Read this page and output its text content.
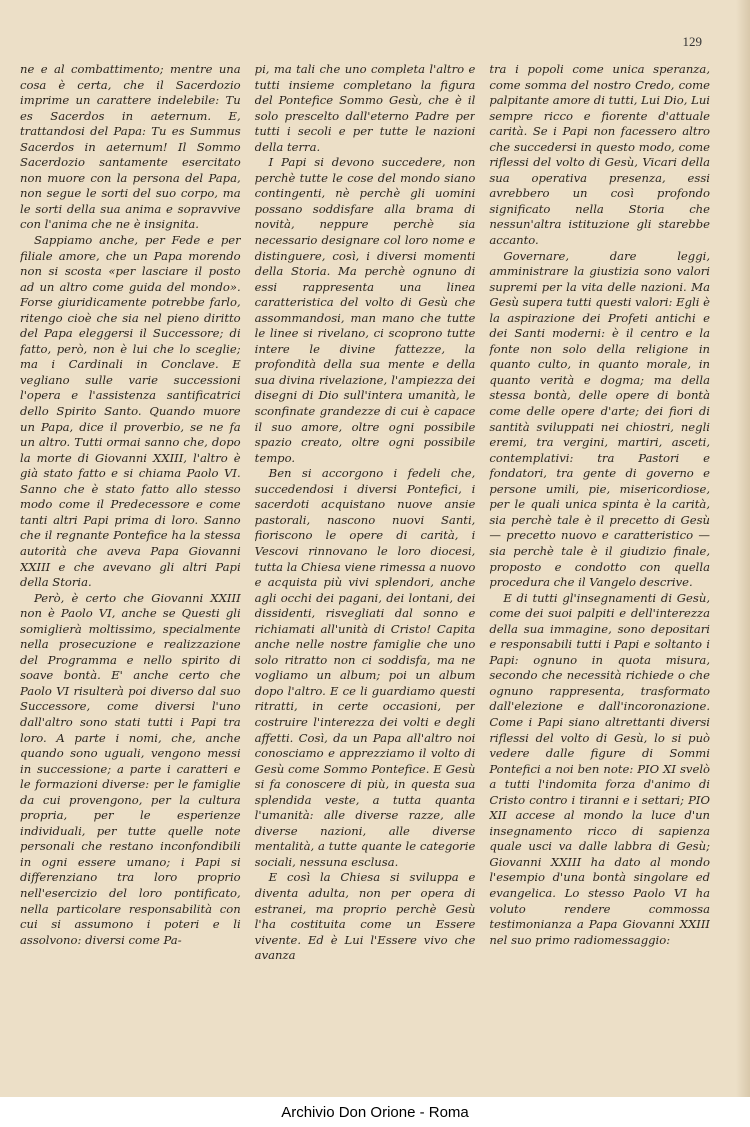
129

ne e al combattimento; mentre una cosa è certa, che il Sacerdozio imprime un carattere indelebile: Tu es Sacerdos in aeternum. E, trattandosi del Papa: Tu es Summus Sacerdos in aeternum! Il Sommo Sacerdozio santamente esercitato non muore con la persona del Papa, non segue le sorti del suo corpo, ma le sorti della sua anima e sopravvive con l'anima che ne è insignita.

Sappiamo anche, per Fede e per filiale amore, che un Papa morendo non si scosta «per lasciare il posto ad un altro come guida del mondo». Forse giuridicamente potrebbe farlo, ritengo cioè che sia nel pieno diritto del Papa eleggersi il Successore; di fatto, però, non è lui che lo sceglie; ma i Cardinali in Conclave. E vegliano sulle varie successioni l'opera e l'assistenza santificatrici dello Spirito Santo. Quando muore un Papa, dice il proverbio, se ne fa un altro. Tutti ormai sanno che, dopo la morte di Giovanni XXIII, l'altro è già stato fatto e si chiama Paolo VI. Sanno che è stato fatto allo stesso modo come il Predecessore e come tanti altri Papi prima di loro. Sanno che il regnante Pontefice ha la stessa autorità che aveva Papa Giovanni XXIII e che avevano gli altri Papi della Storia.

Però, è certo che Giovanni XXIII non è Paolo VI, anche se Questi gli somiglierà moltissimo, specialmente nella prosecuzione e realizzazione del Programma e nello spirito di soave bontà. E' anche certo che Paolo VI risulterà poi diverso dal suo Successore, come diversi l'uno dall'altro sono stati tutti i Papi tra loro. A parte i nomi, che, anche quando sono uguali, vengono messi in successione; a parte i caratteri e le formazioni diverse: per le famiglie da cui provengono, per la cultura propria, per le esperienze individuali, per tutte quelle note personali che restano inconfondibili in ogni essere umano; i Papi si differenziano tra loro proprio nell'esercizio del loro pontificato, nella particolare responsabilità con cui si assumono i poteri e li assolvono: diversi come Pa-

pi, ma tali che uno completa l'altro e tutti insieme completano la figura del Pontefice Sommo Gesù, che è il solo prescelto dall'eterno Padre per tutti i secoli e per tutte le nazioni della terra.

I Papi si devono succedere, non perchè tutte le cose del mondo siano contingenti, nè perchè gli uomini possano soddisfare alla brama di novità, neppure perchè sia necessario designare col loro nome e distinguere, così, i diversi momenti della Storia. Ma perchè ognuno di essi rappresenta una linea caratteristica del volto di Gesù che assommandosi, man mano che tutte le linee si rivelano, ci scoprono tutte intere le divine fattezze, la profondità della sua mente e della sua divina rivelazione, l'ampiezza dei disegni di Dio sull'intera umanità, le sconfinate grandezze di cui è capace il suo amore, oltre ogni possibile spazio creato, oltre ogni possibile tempo.

Ben si accorgono i fedeli che, succedendosi i diversi Pontefici, i sacerdoti acquistano nuove ansie pastorali, nascono nuovi Santi, fioriscono le opere di carità, i Vescovi rinnovano le loro diocesi, tutta la Chiesa viene rimessa a nuovo e acquista più vivi splendori, anche agli occhi dei pagani, dei lontani, dei dissidenti, risvegliati dal sonno e richiamati all'unità di Cristo! Capita anche nelle nostre famiglie che uno solo ritratto non ci soddisfa, ma ne vogliamo un album; poi un album dopo l'altro. E ce li guardiamo questi ritratti, in certe occasioni, per costruire l'interezza dei volti e degli affetti. Così, da un Papa all'altro noi conosciamo e apprezziamo il volto di Gesù come Sommo Pontefice. E Gesù si fa conoscere di più, in questa sua splendida veste, a tutta quanta l'umanità: alle diverse razze, alle diverse nazioni, alle diverse mentalità, a tutte quante le categorie sociali, nessuna esclusa.

E così la Chiesa si sviluppa e diventa adulta, non per opera di estranei, ma proprio perchè Gesù l'ha costituita come un Essere vivente. Ed è Lui l'Essere vivo che avanza

tra i popoli come unica speranza, come somma del nostro Credo, come palpitante amore di tutti, Lui Dio, Lui sempre ricco e fiorente d'attuale carità. Se i Papi non facessero altro che succedersi in questo modo, come riflessi del volto di Gesù, Vicari della sua operativa presenza, essi avrebbero un così profondo significato nella Storia che nessun'altra istituzione gli starebbe accanto.

Governare, dare leggi, amministrare la giustizia sono valori supremi per la vita delle nazioni. Ma Gesù supera tutti questi valori: Egli è la aspirazione dei Profeti antichi e dei Santi moderni: è il centro e la fonte non solo della religione in quanto culto, in quanto morale, in quanto verità e dogma; ma della stessa bontà, delle opere di bontà come delle opere d'arte; dei fiori di santità sviluppati nei chiostri, negli eremi, tra vergini, martiri, asceti, contemplativi: tra Pastori e fondatori, tra gente di governo e persone umili, pie, misericordiose, per le quali unica spinta è la carità, sia perchè tale è il precetto di Gesù — precetto nuovo e caratteristico — sia perchè tale è il giudizio finale, proposto e condotto con quella procedura che il Vangelo descrive.

E di tutti gl'insegnamenti di Gesù, come dei suoi palpiti e dell'interezza della sua immagine, sono depositari e responsabili tutti i Papi e soltanto i Papi: ognuno in quota misura, secondo che necessità richiede o che ognuno rappresenta, trasformato dall'elezione e dall'incoronazione. Come i Papi siano altrettanti diversi riflessi del volto di Gesù, lo si può vedere dalle figure di Sommi Pontefici a noi ben note: PIO XI svelò a tutti l'indomita forza d'animo di Cristo contro i tiranni e i settari; PIO XII accese al mondo la luce d'un insegnamento ricco di sapienza quale usci va dalle labbra di Gesù; Giovanni XXIII ha dato al mondo l'esempio d'una bontà singolare ed evangelica. Lo stesso Paolo VI ha voluto rendere commossa testimonianza a Papa Giovanni XXIII nel suo primo radiomessaggio:

Archivio Don Orione - Roma
